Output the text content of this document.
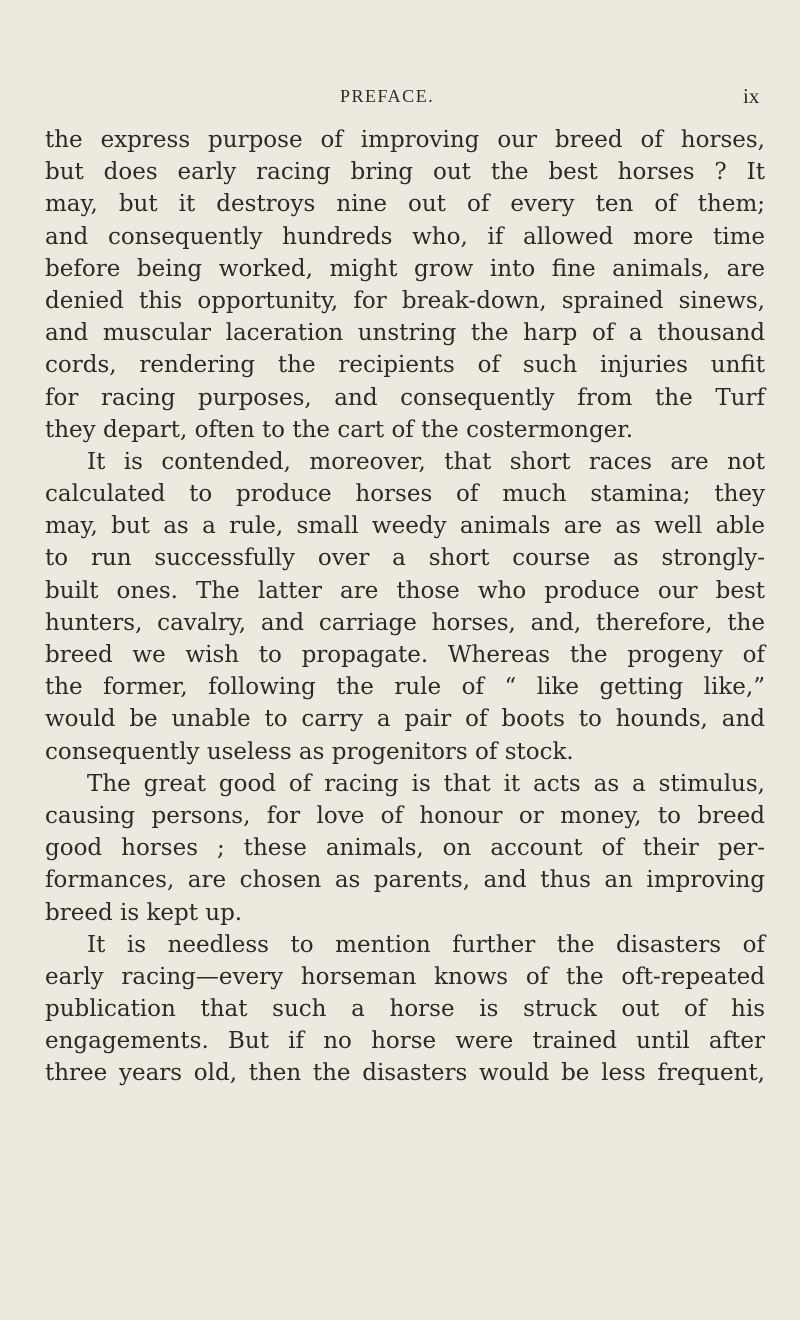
PREFACE.	ix
the express purpose of improving our breed of horses,
but does early racing bring out the best horses ? It
may, but it destroys nine out of every ten of them;
and consequently hundreds who, if allowed more time
before being worked, might grow into fine animals, are
denied this opportunity, for break-down, sprained sinews,
and muscular laceration unstring the harp of a thousand
cords, rendering the recipients of such injuries unfit
for racing purposes, and consequently from the Turf
they depart, often to the cart of the costermonger.
It is contended, moreover, that short races are not
calculated to produce horses of much stamina; they
may, but as a rule, small weedy animals are as well able
to run successfully over a short course as strongly-
built ones. The latter are those who produce our best
hunters, cavalry, and carriage horses, and, therefore, the
breed we wish to propagate. Whereas the progeny of
the former, following the rule of “ like getting like,”
would be unable to carry a pair of boots to hounds, and
consequently useless as progenitors of stock.
The great good of racing is that it acts as a stimulus,
causing persons, for love of honour or money, to breed
good horses ; these animals, on account of their per-
formances, are chosen as parents, and thus an improving
breed is kept up.
It is needless to mention further the disasters of
early racing—every horseman knows of the oft-repeated
publication that such a horse is struck out of his
engagements. But if no horse were trained until after
three years old, then the disasters would be less frequent,
